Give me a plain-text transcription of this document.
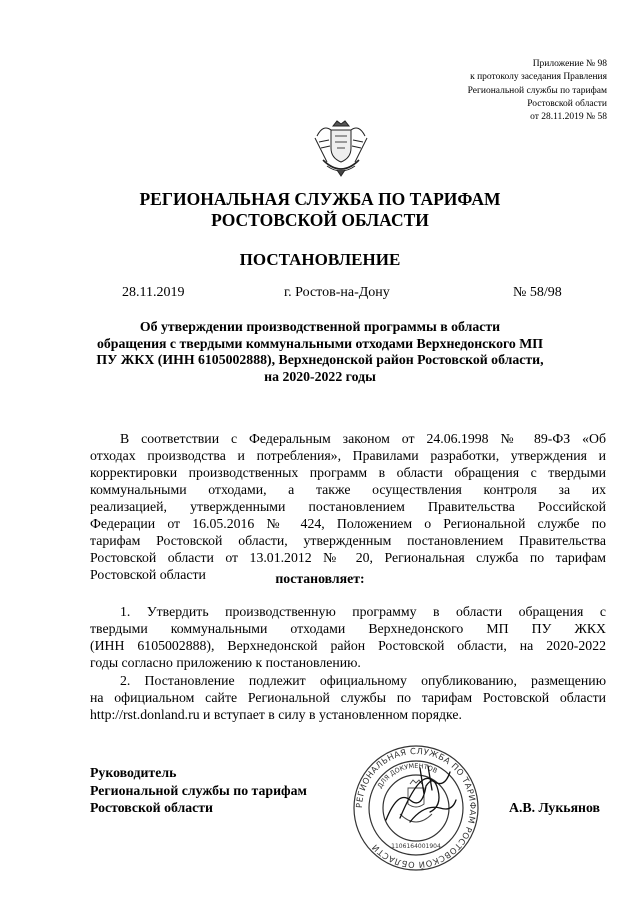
Приложение № 98
к протоколу заседания Правления
Региональной службы по тарифам
Ростовской области
от 28.11.2019 № 58
РЕГИОНАЛЬНАЯ СЛУЖБА ПО ТАРИФАМ
РОСТОВСКОЙ ОБЛАСТИ
ПОСТАНОВЛЕНИЕ
28.11.2019	г. Ростов-на-Дону	№ 58/98
Об утверждении производственной программы в области
обращения с твердыми коммунальными отходами Верхнедонского МП
ПУ ЖКХ (ИНН 6105002888), Верхнедонской район Ростовской области,
на 2020-2022 годы
В соответствии с Федеральным законом от 24.06.1998 № 89-ФЗ «Об
отходах производства и потребления», Правилами разработки, утверждения и
корректировки производственных программ в области обращения с твердыми
коммунальными отходами, а также осуществления контроля за их
реализацией, утвержденными постановлением Правительства Российской
Федерации от 16.05.2016 № 424, Положением о Региональной службе по
тарифам Ростовской области, утвержденным постановлением Правительства
Ростовской области от 13.01.2012 № 20, Региональная служба по тарифам
Ростовской области	постановляет:
1. Утвердить производственную программу в области обращения с
твердыми коммунальными отходами Верхнедонского МП ПУ ЖКХ
(ИНН 6105002888), Верхнедонской район Ростовской области, на 2020-2022
годы согласно приложению к постановлению.
2. Постановление подлежит официальному опубликованию, размещению
на официальном сайте Региональной службы по тарифам Ростовской области
http://rst.donland.ru и вступает в силу в установленном порядке.
Руководитель
Региональной службы по тарифам
Ростовской области	РЕГИОНАЛЬНАЯ СЛУЖБА ПО ТАРИФАМ РОСТОВСКОЙ ОБЛАСТИ
ДЛЯ ДОКУМЕНТОВ
1106164001904
А.В. Лукьянов
